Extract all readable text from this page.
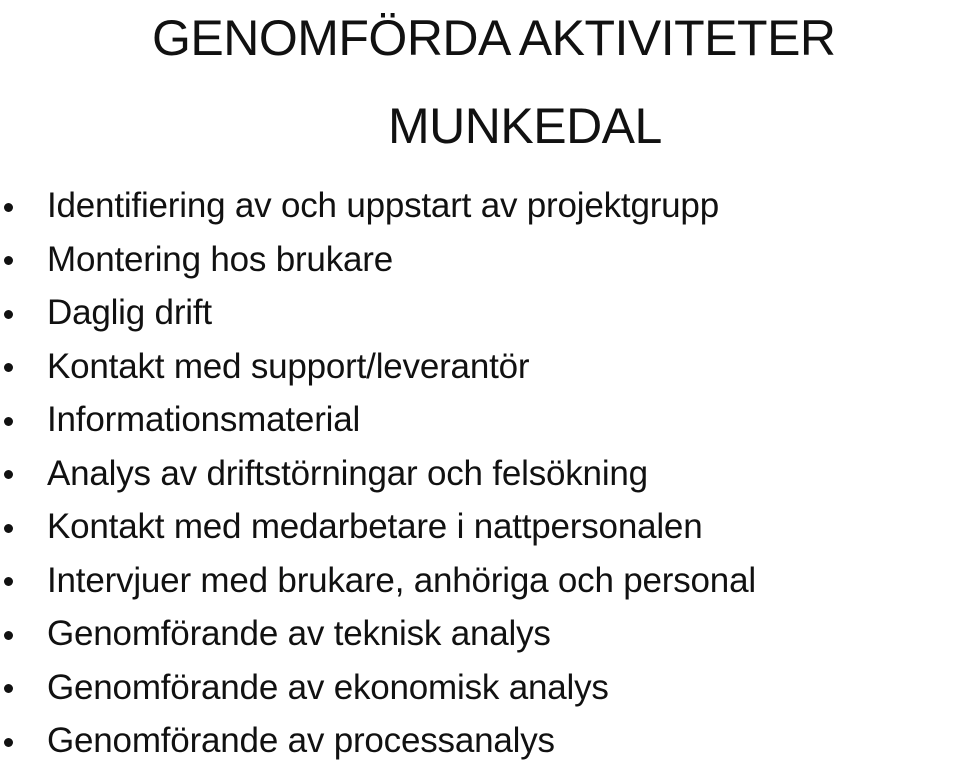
GENOMFÖRDA AKTIVITETER
MUNKEDAL
Identifiering av och uppstart av projektgrupp
Montering hos brukare
Daglig drift
Kontakt med support/leverantör
Informationsmaterial
Analys av driftstörningar och felsökning
Kontakt med medarbetare i nattpersonalen
Intervjuer med brukare, anhöriga och personal
Genomförande av teknisk analys
Genomförande av ekonomisk analys
Genomförande av processanalys
